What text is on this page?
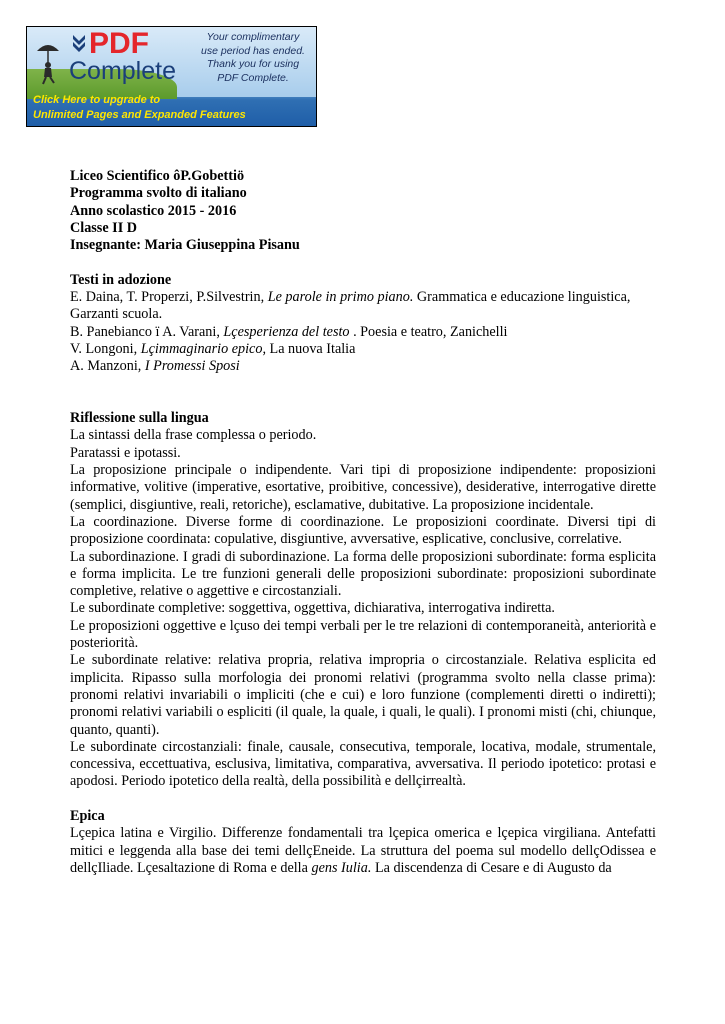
PDF
Complete
Your complimentary
use period has ended.
Thank you for using
PDF Complete.
Click Here to upgrade to
Unlimited Pages and Expanded Features

Liceo Scientifico ôP.Gobettiö

Programma svolto di italiano

Anno scolastico 2015 - 2016

Classe II D

Insegnante: Maria Giuseppina Pisanu

Testi in adozione

E. Daina, T. Properzi, P.Silvestrin, Le parole in primo piano. Grammatica e educazione linguistica,

Garzanti scuola.

B. Panebianco ï A. Varani, Lçesperienza del testo . Poesia e teatro, Zanichelli

V. Longoni, Lçimmaginario epico, La nuova Italia

A. Manzoni, I Promessi Sposi

Riflessione sulla lingua

La sintassi della frase complessa o periodo.

Paratassi e ipotassi.

La proposizione principale o indipendente. Vari tipi di proposizione indipendente: proposizioni informative, volitive (imperative, esortative, proibitive, concessive), desiderative, interrogative dirette (semplici, disgiuntive, reali, retoriche), esclamative, dubitative. La proposizione incidentale.

La coordinazione. Diverse forme di coordinazione. Le proposizioni coordinate. Diversi tipi di proposizione coordinata: copulative, disgiuntive, avversative, esplicative, conclusive, correlative.

La subordinazione. I gradi di subordinazione. La forma delle proposizioni subordinate: forma esplicita e forma implicita. Le tre funzioni generali delle proposizioni subordinate: proposizioni subordinate completive, relative o aggettive e circostanziali.

Le subordinate completive: soggettiva, oggettiva, dichiarativa, interrogativa indiretta.

Le proposizioni oggettive e lçuso dei tempi verbali per le tre relazioni di contemporaneità, anteriorità e posteriorità.

Le subordinate relative: relativa propria, relativa impropria o circostanziale. Relativa esplicita ed implicita. Ripasso sulla morfologia dei pronomi relativi (programma svolto nella classe prima): pronomi relativi invariabili o impliciti (che e cui) e loro funzione (complementi diretti o indiretti); pronomi relativi variabili o espliciti (il quale, la quale, i quali, le quali). I pronomi misti (chi, chiunque, quanto, quanti).

Le subordinate circostanziali: finale, causale, consecutiva, temporale, locativa, modale, strumentale, concessiva, eccettuativa, esclusiva, limitativa, comparativa, avversativa. Il periodo ipotetico: protasi e apodosi. Periodo ipotetico della realtà, della possibilità e dellçirrealtà.

Epica

Lçepica latina e Virgilio. Differenze fondamentali tra lçepica omerica e lçepica virgiliana. Antefatti mitici e leggenda alla base dei temi dellçEneide. La struttura del poema sul modello dellçOdissea e dellçIliade. Lçesaltazione di Roma e della gens Iulia. La discendenza di Cesare e di Augusto da
